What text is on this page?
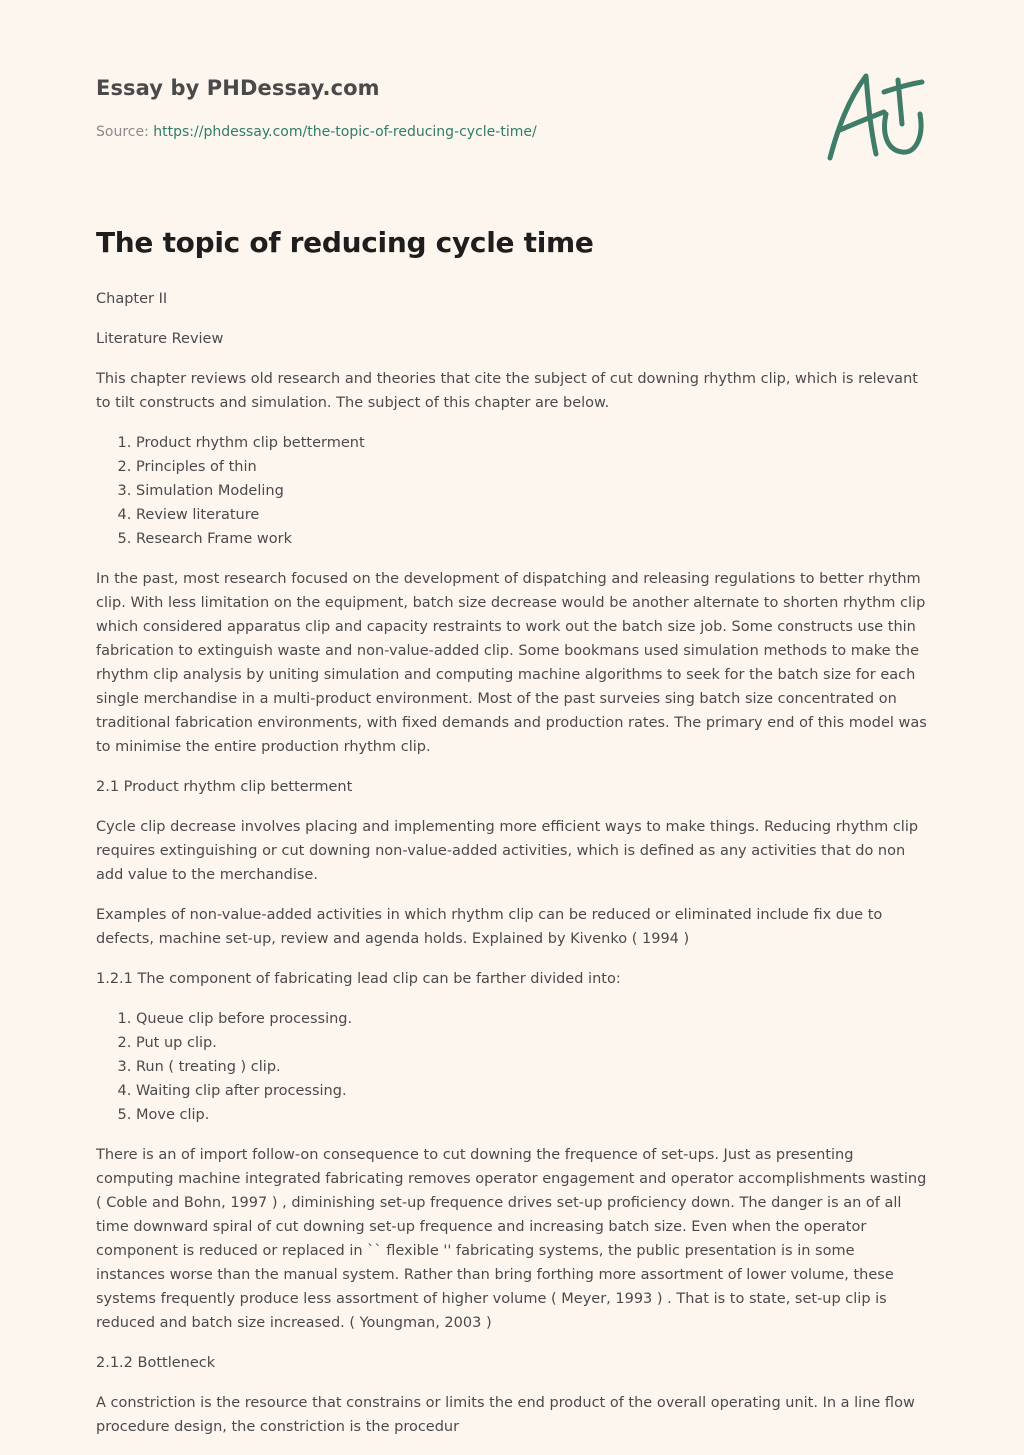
Essay by PHDessay.com
Source: https://phdessay.com/the-topic-of-reducing-cycle-time/
The topic of reducing cycle time

Chapter II

Literature Review

This chapter reviews old research and theories that cite the subject of cut downing rhythm clip, which is relevant to tilt constructs and simulation. The subject of this chapter are below.

1. Product rhythm clip betterment
2. Principles of thin
3. Simulation Modeling
4. Review literature
5. Research Frame work

In the past, most research focused on the development of dispatching and releasing regulations to better rhythm clip. With less limitation on the equipment, batch size decrease would be another alternate to shorten rhythm clip which considered apparatus clip and capacity restraints to work out the batch size job. Some constructs use thin fabrication to extinguish waste and non-value-added clip. Some bookmans used simulation methods to make the rhythm clip analysis by uniting simulation and computing machine algorithms to seek for the batch size for each single merchandise in a multi-product environment. Most of the past surveies sing batch size concentrated on traditional fabrication environments, with fixed demands and production rates. The primary end of this model was to minimise the entire production rhythm clip.

2.1 Product rhythm clip betterment

Cycle clip decrease involves placing and implementing more efficient ways to make things. Reducing rhythm clip requires extinguishing or cut downing non-value-added activities, which is defined as any activities that do non add value to the merchandise.

Examples of non-value-added activities in which rhythm clip can be reduced or eliminated include fix due to defects, machine set-up, review and agenda holds. Explained by Kivenko ( 1994 )

1.2.1 The component of fabricating lead clip can be farther divided into:

1. Queue clip before processing.
2. Put up clip.
3. Run ( treating ) clip.
4. Waiting clip after processing.
5. Move clip.

There is an of import follow-on consequence to cut downing the frequence of set-ups. Just as presenting computing machine integrated fabricating removes operator engagement and operator accomplishments wasting ( Coble and Bohn, 1997 ) , diminishing set-up frequence drives set-up proficiency down. The danger is an of all time downward spiral of cut downing set-up frequence and increasing batch size. Even when the operator component is reduced or replaced in `` flexible '' fabricating systems, the public presentation is in some instances worse than the manual system. Rather than bring forthing more assortment of lower volume, these systems frequently produce less assortment of higher volume ( Meyer, 1993 ) . That is to state, set-up clip is reduced and batch size increased. ( Youngman, 2003 )

2.1.2 Bottleneck

A constriction is the resource that constrains or limits the end product of the overall operating unit. In a line flow procedure design, the constriction is the procedur
